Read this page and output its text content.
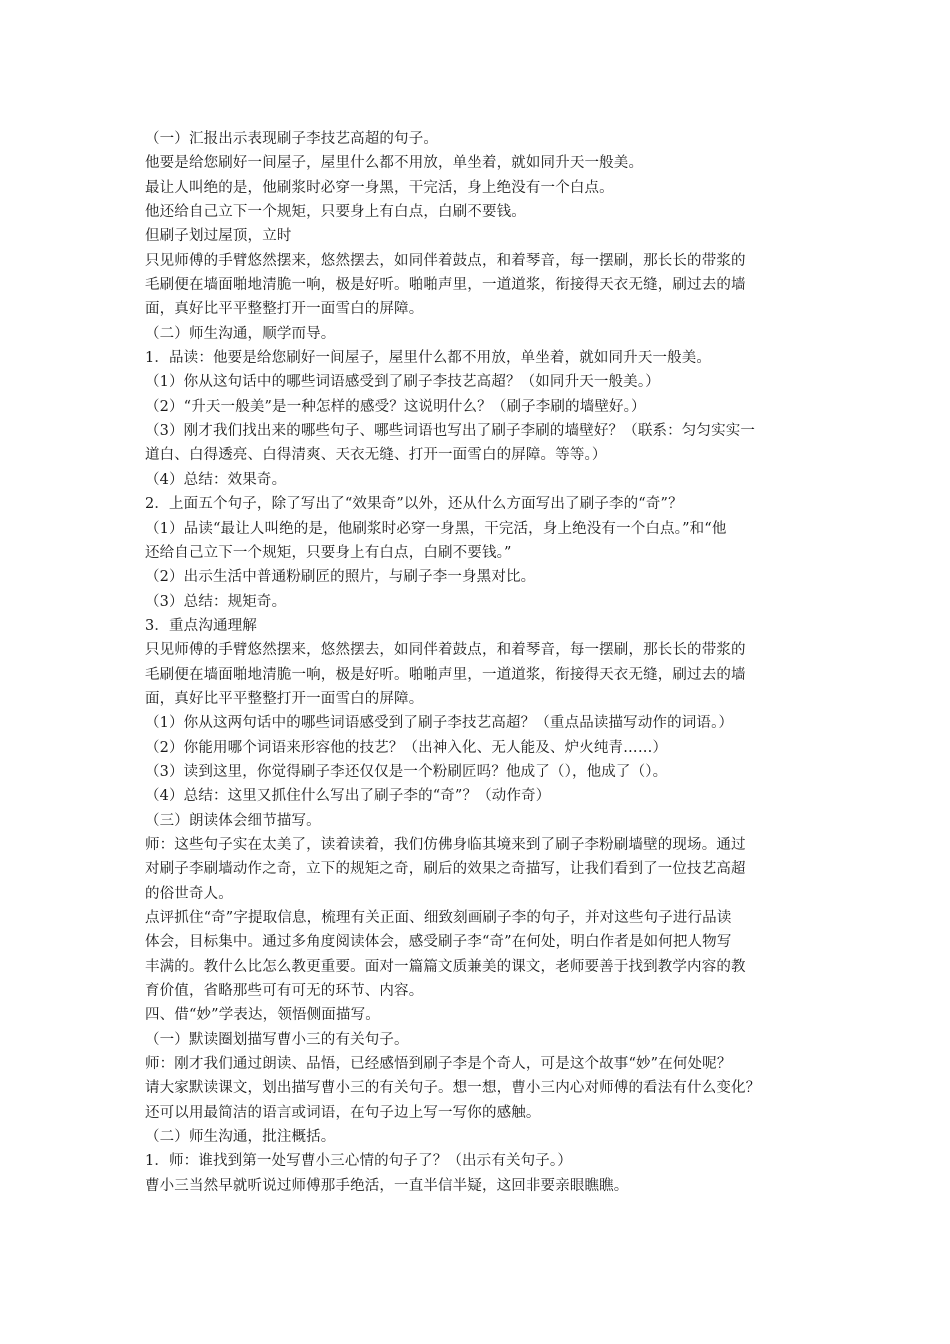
（一）汇报出示表现刷子李技艺高超的句子。
他要是给您刷好一间屋子，屋里什么都不用放，单坐着，就如同升天一般美。
最让人叫绝的是，他刷浆时必穿一身黑，干完活，身上绝没有一个白点。
他还给自己立下一个规矩，只要身上有白点，白刷不要钱。
但刷子划过屋顶，立时
只见师傅的手臂悠然摆来，悠然摆去，如同伴着鼓点，和着琴音，每一摆刷，那长长的带浆的
毛刷便在墙面啪地清脆一响，极是好听。啪啪声里，一道道浆，衔接得天衣无缝，刷过去的墙
面，真好比平平整整打开一面雪白的屏障。
（二）师生沟通，顺学而导。
1．品读：他要是给您刷好一间屋子，屋里什么都不用放，单坐着，就如同升天一般美。
（1）你从这句话中的哪些词语感受到了刷子李技艺高超？（如同升天一般美。）
（2）“升天一般美”是一种怎样的感受？这说明什么？（刷子李刷的墙壁好。）
（3）刚才我们找出来的哪些句子、哪些词语也写出了刷子李刷的墙壁好？（联系：匀匀实实一
道白、白得透亮、白得清爽、天衣无缝、打开一面雪白的屏障。等等。）
（4）总结：效果奇。
2．上面五个句子，除了写出了“效果奇”以外，还从什么方面写出了刷子李的“奇”？
（1）品读“最让人叫绝的是，他刷浆时必穿一身黑，干完活，身上绝没有一个白点。”和“他
还给自己立下一个规矩，只要身上有白点，白刷不要钱。”
（2）出示生活中普通粉刷匠的照片，与刷子李一身黑对比。
（3）总结：规矩奇。
3．重点沟通理解
只见师傅的手臂悠然摆来，悠然摆去，如同伴着鼓点，和着琴音，每一摆刷，那长长的带浆的
毛刷便在墙面啪地清脆一响，极是好听。啪啪声里，一道道浆，衔接得天衣无缝，刷过去的墙
面，真好比平平整整打开一面雪白的屏障。
（1）你从这两句话中的哪些词语感受到了刷子李技艺高超？（重点品读描写动作的词语。）
（2）你能用哪个词语来形容他的技艺？（出神入化、无人能及、炉火纯青……）
（3）读到这里，你觉得刷子李还仅仅是一个粉刷匠吗？他成了（），他成了（）。
（4）总结：这里又抓住什么写出了刷子李的“奇”？（动作奇）
（三）朗读体会细节描写。
师：这些句子实在太美了，读着读着，我们仿佛身临其境来到了刷子李粉刷墙壁的现场。通过
对刷子李刷墙动作之奇，立下的规矩之奇，刷后的效果之奇描写，让我们看到了一位技艺高超
的俗世奇人。
点评抓住“奇”字提取信息，梳理有关正面、细致刻画刷子李的句子，并对这些句子进行品读
体会，目标集中。通过多角度阅读体会，感受刷子李“奇”在何处，明白作者是如何把人物写
丰满的。教什么比怎么教更重要。面对一篇篇文质兼美的课文，老师要善于找到教学内容的教
育价值，省略那些可有可无的环节、内容。
四、借“妙”学表达，领悟侧面描写。
（一）默读圈划描写曹小三的有关句子。
师：刚才我们通过朗读、品悟，已经感悟到刷子李是个奇人，可是这个故事“妙”在何处呢？
请大家默读课文，划出描写曹小三的有关句子。想一想，曹小三内心对师傅的看法有什么变化？
还可以用最简洁的语言或词语，在句子边上写一写你的感触。
（二）师生沟通，批注概括。
1．师：谁找到第一处写曹小三心情的句子了？（出示有关句子。）
曹小三当然早就听说过师傅那手绝活，一直半信半疑，这回非要亲眼瞧瞧。
